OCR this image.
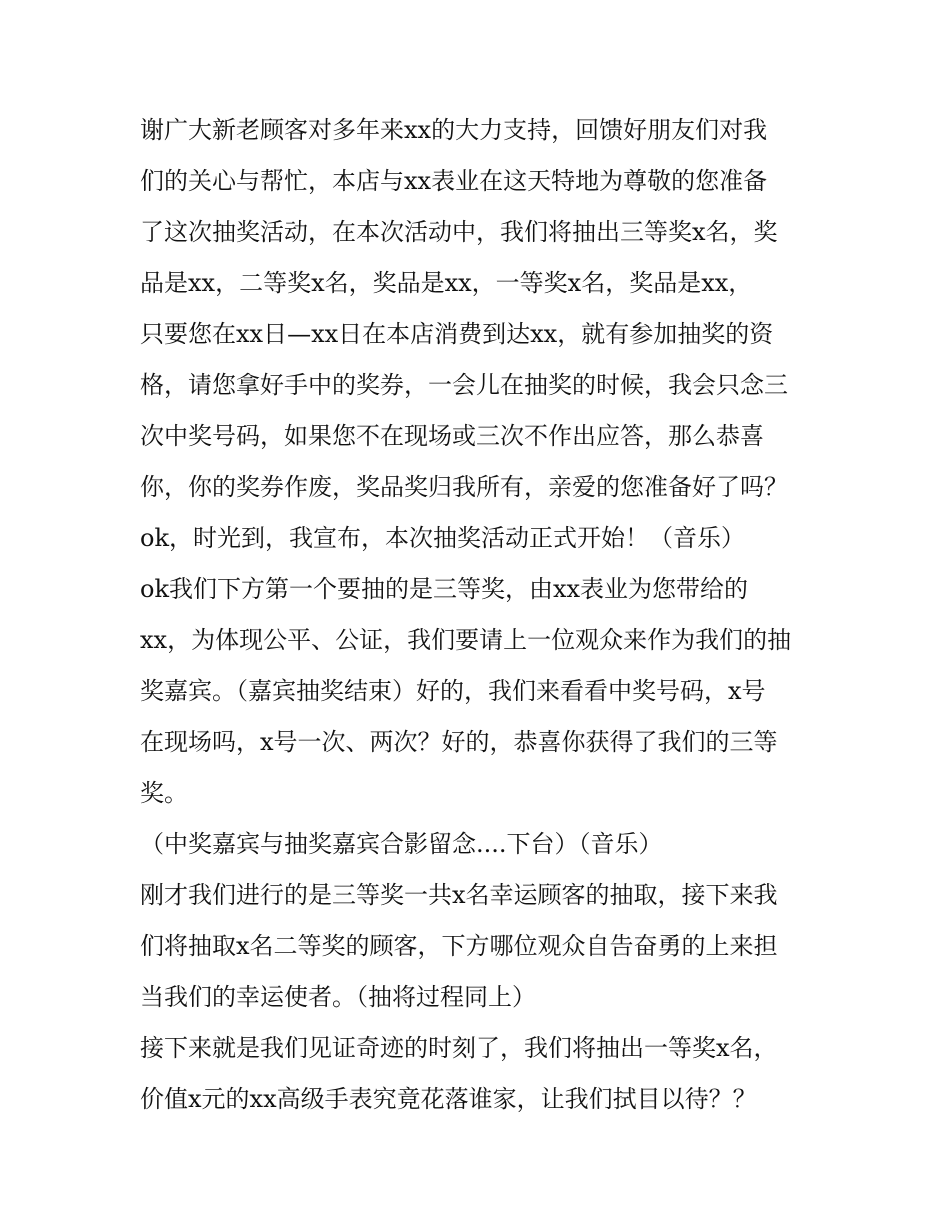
谢广大新老顾客对多年来xx的大力支持，回馈好朋友们对我
们的关心与帮忙，本店与xx表业在这天特地为尊敬的您准备
了这次抽奖活动，在本次活动中，我们将抽出三等奖x名，奖
品是xx，二等奖x名，奖品是xx，一等奖x名，奖品是xx，
只要您在xx日—xx日在本店消费到达xx，就有参加抽奖的资
格，请您拿好手中的奖券，一会儿在抽奖的时候，我会只念三
次中奖号码，如果您不在现场或三次不作出应答，那么恭喜
你，你的奖券作废，奖品奖归我所有，亲爱的您准备好了吗？
ok，时光到，我宣布，本次抽奖活动正式开始！（音乐）
ok我们下方第一个要抽的是三等奖，由xx表业为您带给的
xx，为体现公平、公证，我们要请上一位观众来作为我们的抽
奖嘉宾。（嘉宾抽奖结束）好的，我们来看看中奖号码，x号
在现场吗，x号一次、两次？好的，恭喜你获得了我们的三等
奖。
（中奖嘉宾与抽奖嘉宾合影留念....下台）（音乐）
刚才我们进行的是三等奖一共x名幸运顾客的抽取，接下来我
们将抽取x名二等奖的顾客，下方哪位观众自告奋勇的上来担
当我们的幸运使者。（抽将过程同上）
接下来就是我们见证奇迹的时刻了，我们将抽出一等奖x名，
价值x元的xx高级手表究竟花落谁家，让我们拭目以待？？
